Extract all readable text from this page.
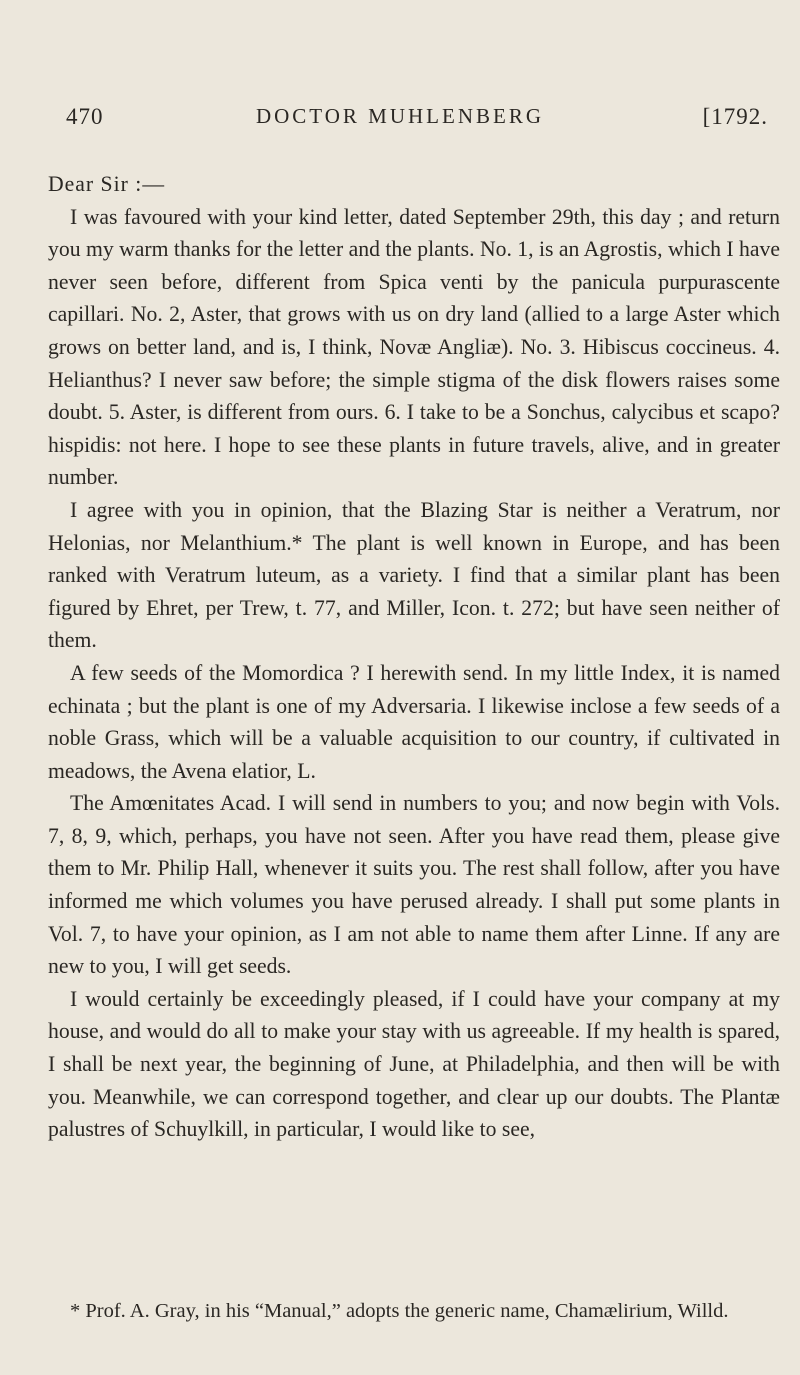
470	DOCTOR MUHLENBERG	[1792.

Dear Sir :—

I was favoured with your kind letter, dated September 29th, this day ; and return you my warm thanks for the letter and the plants. No. 1, is an Agrostis, which I have never seen before, different from Spica venti by the panicula purpurascente capillari. No. 2, Aster, that grows with us on dry land (allied to a large Aster which grows on better land, and is, I think, Novæ Angliæ). No. 3. Hibiscus coccineus. 4. Helianthus? I never saw before; the simple stigma of the disk flowers raises some doubt. 5. Aster, is different from ours. 6. I take to be a Sonchus, calycibus et scapo? hispidis: not here. I hope to see these plants in future travels, alive, and in greater number.

I agree with you in opinion, that the Blazing Star is neither a Veratrum, nor Helonias, nor Melanthium.* The plant is well known in Europe, and has been ranked with Veratrum luteum, as a variety. I find that a similar plant has been figured by Ehret, per Trew, t. 77, and Miller, Icon. t. 272; but have seen neither of them.

A few seeds of the Momordica ? I herewith send. In my little Index, it is named echinata ; but the plant is one of my Adversaria. I likewise inclose a few seeds of a noble Grass, which will be a valuable acquisition to our country, if cultivated in meadows, the Avena elatior, L.

The Amœnitates Acad. I will send in numbers to you; and now begin with Vols. 7, 8, 9, which, perhaps, you have not seen. After you have read them, please give them to Mr. Philip Hall, whenever it suits you. The rest shall follow, after you have informed me which volumes you have perused already. I shall put some plants in Vol. 7, to have your opinion, as I am not able to name them after Linne. If any are new to you, I will get seeds.

I would certainly be exceedingly pleased, if I could have your company at my house, and would do all to make your stay with us agreeable. If my health is spared, I shall be next year, the beginning of June, at Philadelphia, and then will be with you. Meanwhile, we can correspond together, and clear up our doubts. The Plantæ palustres of Schuylkill, in particular, I would like to see,

* Prof. A. Gray, in his “Manual,” adopts the generic name, Chamælirium, Willd.
